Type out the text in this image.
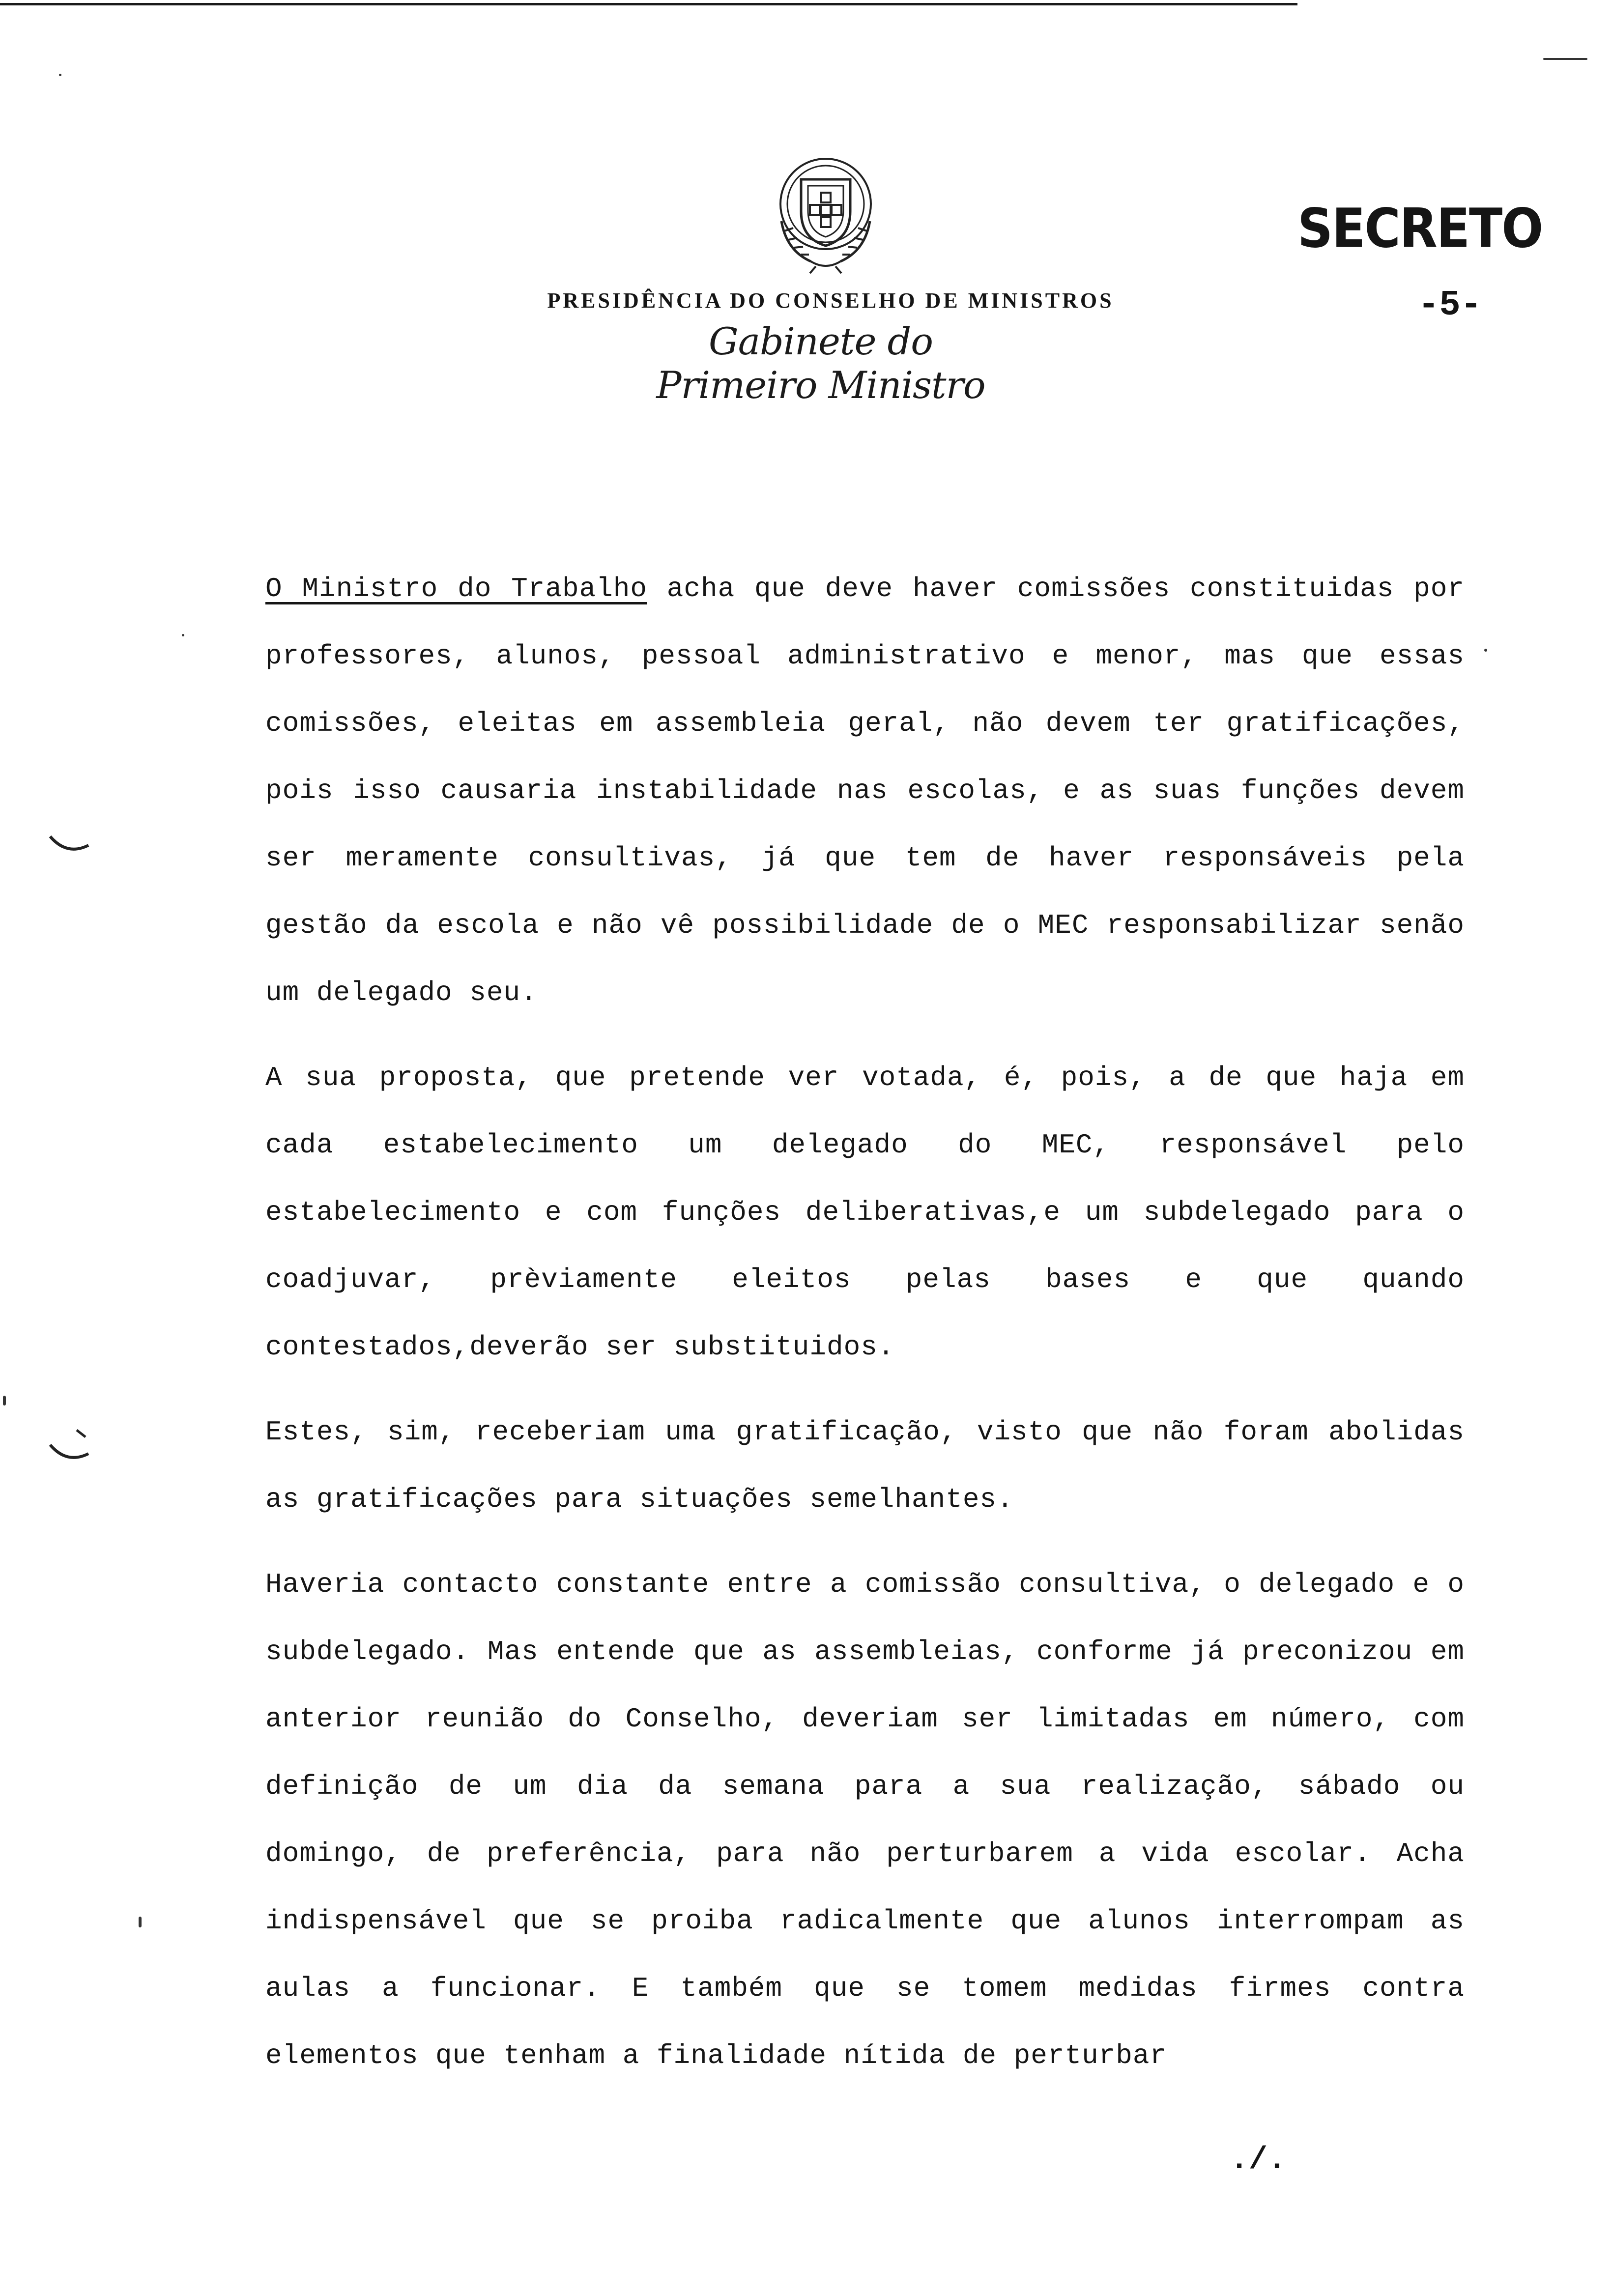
SECRETO
-5-
PRESIDÊNCIA DO CONSELHO DE MINISTROS
Gabinete do Primeiro Ministro

O Ministro do Trabalho acha que deve haver comissões constituidas por professores, alunos, pessoal administrativo e menor, mas que essas comissões, eleitas em assembleia geral, não devem ter gratificações, pois isso causaria instabilidade nas escolas, e as suas funções devem ser meramente consultivas, já que tem de haver responsáveis pela gestão da escola e não vê possibilidade de o MEC responsabilizar senão um delegado seu.

A sua proposta, que pretende ver votada, é, pois, a de que haja em cada estabelecimento um delegado do MEC, responsável pelo estabelecimento e com funções deliberativas,e um subdelegado para o coadjuvar, prèviamente eleitos pelas bases e que quando contestados,deverão ser substituidos.

Estes, sim, receberiam uma gratificação, visto que não foram abolidas as gratificações para situações semelhantes.

Haveria contacto constante entre a comissão consultiva, o delegado e o subdelegado. Mas entende que as assembleias, conforme já preconizou em anterior reunião do Conselho, deveriam ser limitadas em número, com definição de um dia da semana para a sua realização, sábado ou domingo, de preferência, para não perturbarem a vida escolar. Acha indispensável que se proiba radicalmente que alunos interrompam as aulas a funcionar. E também que se tomem medidas firmes contra elementos que tenham a finalidade nítida de perturbar

./.
